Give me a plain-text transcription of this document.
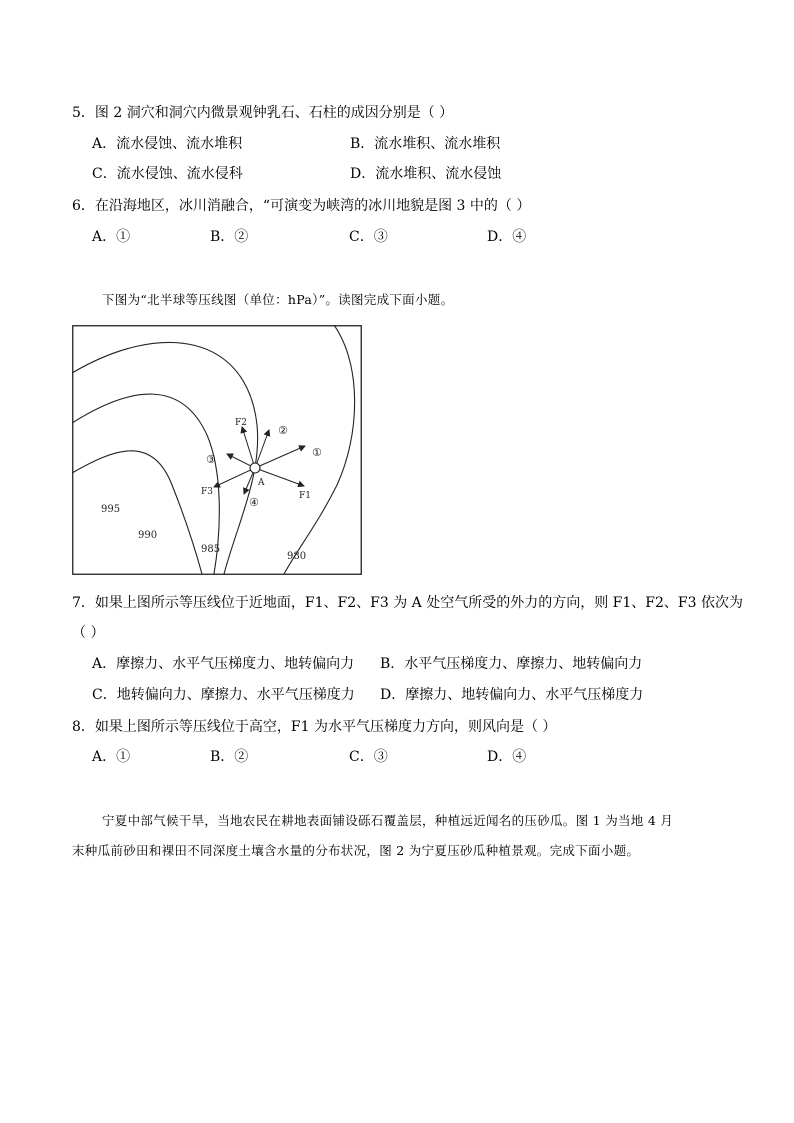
5．图 2 洞穴和洞穴内微景观钟乳石、石柱的成因分别是（ ）
A．流水侵蚀、流水堆积	B．流水堆积、流水堆积
C．流水侵蚀、流水侵科	D．流水堆积、流水侵蚀
6．在沿海地区，冰川消融合，“可演变为峡湾的冰川地貌是图 3 中的（ ）
A．①	B．②	C．③	D．④
下图为“北半球等压线图（单位：hPa）”。读图完成下面小题。
995
990
985
980
A
①
②
③
④	F1
F2
F3
7．如果上图所示等压线位于近地面，F1、F2、F3 为 A 处空气所受的外力的方向，则 F1、F2、F3 依次为
（ ）
A．摩擦力、水平气压梯度力、地转偏向力 B．水平气压梯度力、摩擦力、地转偏向力
C．地转偏向力、摩擦力、水平气压梯度力 D．摩擦力、地转偏向力、水平气压梯度力
8．如果上图所示等压线位于高空，F1 为水平气压梯度力方向，则风向是（ ）
A．①	B．②	C．③	D．④
宁夏中部气候干旱，当地农民在耕地表面铺设砾石覆盖层，种植远近闻名的压砂瓜。图 1 为当地 4 月
末种瓜前砂田和裸田不同深度土壤含水量的分布状况，图 2 为宁夏压砂瓜种植景观。完成下面小题。
